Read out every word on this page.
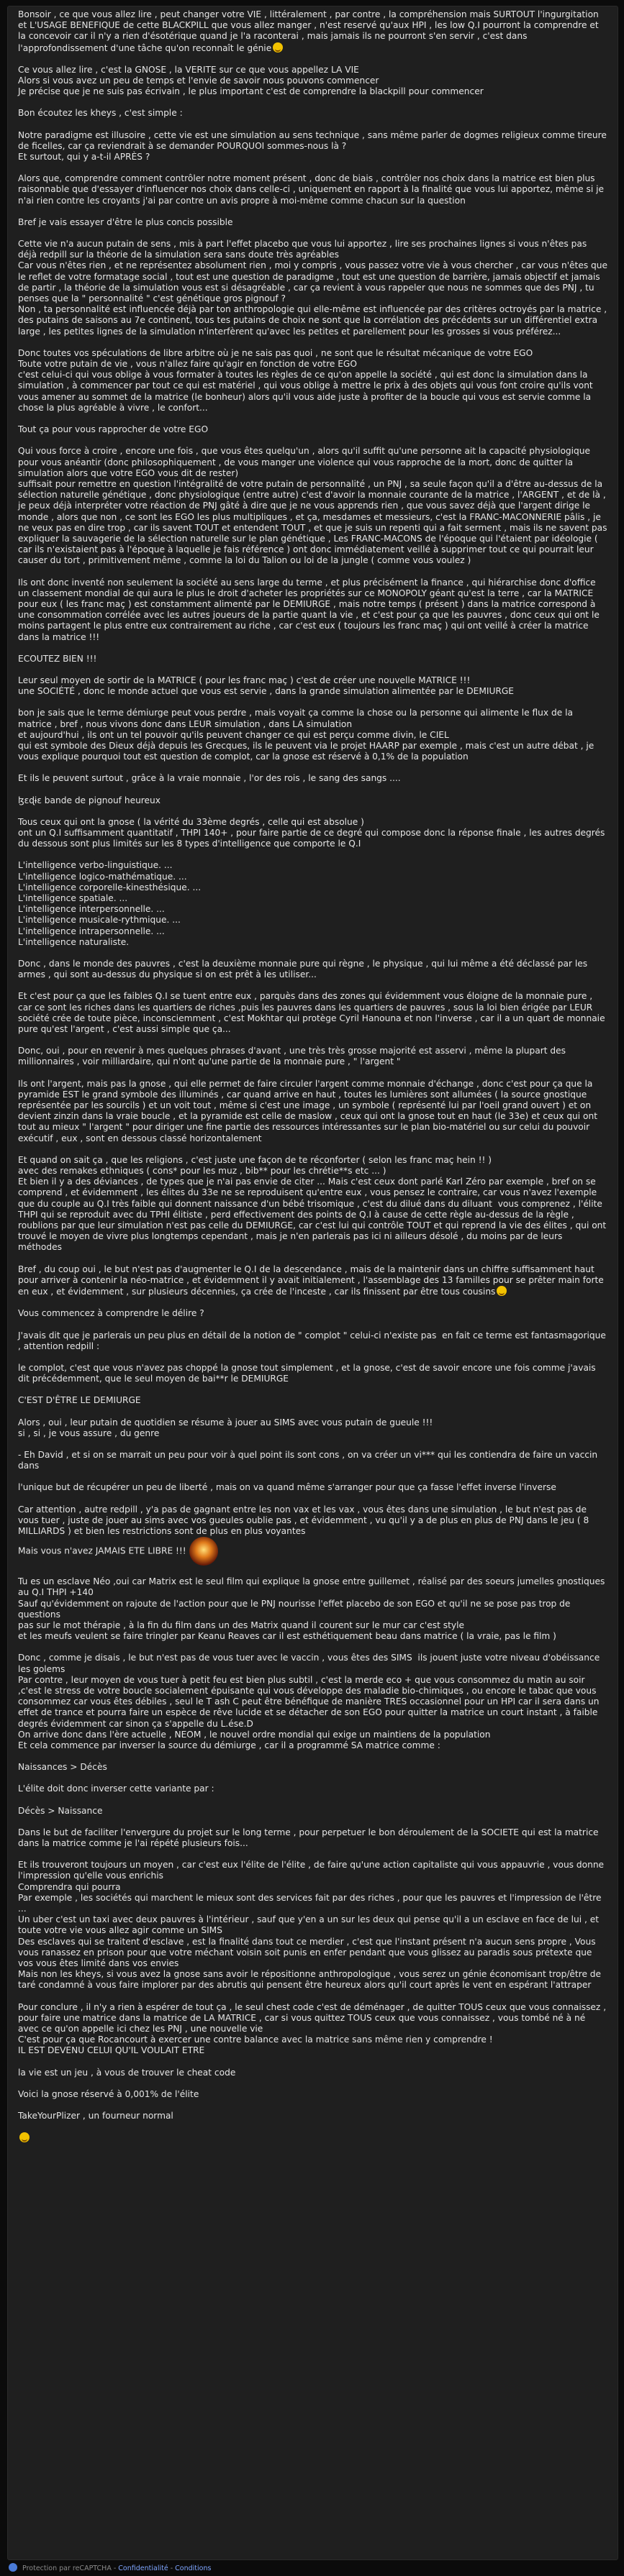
Bonsoir , ce que vous allez lire , peut changer votre VIE , littéralement , par contre , la compréhension mais SURTOUT l'ingurgitation et L'USAGE BENEFIQUE de cette BLACKPILL que vous allez manger , n'est reservé qu'aux HPI , les low Q.I pourront la comprendre et la concevoir car il n'y a rien d'ésotérique quand je l'a raconterai , mais jamais ils ne pourront s'en servir , c'est dans l'approfondissement d'une tâche qu'on reconnaît le génie

Ce vous allez lire , c'est la GNOSE , la VERITE sur ce que vous appellez LA VIE
Alors si vous avez un peu de temps et l'envie de savoir nous pouvons commencer
Je précise que je ne suis pas écrivain , le plus important c'est de comprendre la blackpill pour commencer

Bon écoutez les kheys , c'est simple :

Notre paradigme est illusoire , cette vie est une simulation au sens technique , sans même parler de dogmes religieux comme tireure de ficelles, car ça reviendrait à se demander POURQUOI sommes-nous là ?
Et surtout, qui y a-t-il APRÈS ?

Alors que, comprendre comment contrôler notre moment présent , donc de biais , contrôler nos choix dans la matrice est bien plus raisonnable que d'essayer d'influencer nos choix dans celle-ci , uniquement en rapport à la finalité que vous lui apportez, même si je n'ai rien contre les croyants j'ai par contre un avis propre à moi-même comme chacun sur la question

Bref je vais essayer d'être le plus concis possible

Cette vie n'a aucun putain de sens , mis à part l'effet placebo que vous lui apportez , lire ses prochaines lignes si vous n'êtes pas déjà redpill sur la théorie de la simulation sera sans doute très agréables
Car vous n'êtes rien , et ne représentez absolument rien , moi y compris , vous passez votre vie à vous chercher , car vous n'êtes que le reflet de votre formatage social , tout est une question de paradigme , tout est une question de barrière, jamais objectif et jamais de partir , la théorie de la simulation vous est si désagréable , car ça revient à vous rappeler que nous ne sommes que des PNJ , tu penses que la " personnalité " c'est génétique gros pignouf ?
Non , ta personnalité est influencée déjà par ton anthropologie qui elle-même est influencée par des critères octroyés par la matrice , des putains de saisons au 7e continent, tous tes putains de choix ne sont que la corrélation des précédents sur un différentiel extra large , les petites lignes de la simulation n'interfèrent qu'avec les petites et parellement pour les grosses si vous préférez...

Donc toutes vos spéculations de libre arbitre où je ne sais pas quoi , ne sont que le résultat mécanique de votre EGO
Toute votre putain de vie , vous n'allez faire qu'agir en fonction de votre EGO
c'est celui-ci qui vous oblige à vous formater à toutes les règles de ce qu'on appelle la société , qui est donc la simulation dans la simulation , à commencer par tout ce qui est matériel , qui vous oblige à mettre le prix à des objets qui vous font croire qu'ils vont vous amener au sommet de la matrice (le bonheur) alors qu'il vous aide juste à profiter de la boucle qui vous est servie comme la chose la plus agréable à vivre , le confort...

Tout ça pour vous rapprocher de votre EGO

Qui vous force à croire , encore une fois , que vous êtes quelqu'un , alors qu'il suffit qu'une personne ait la capacité physiologique pour vous anéantir (donc philosophiquement , de vous manger une violence qui vous rapproche de la mort, donc de quitter la simulation alors que votre EGO vous dit de rester)
suffisait pour remettre en question l'intégralité de votre putain de personnalité , un PNJ , sa seule façon qu'il a d'être au-dessus de la sélection naturelle génétique , donc physiologique (entre autre) c'est d'avoir la monnaie courante de la matrice , l'ARGENT , et de là , je peux déjà interpréter votre réaction de PNJ gâté à dire que je ne vous apprends rien , que vous savez déjà que l'argent dirige le monde , alors que non , ce sont les EGO les plus multipliques , et ça, mesdames et messieurs, c'est la FRANC-MACONNERIE pâlis , je ne veux pas en dire trop , car ils savent TOUT et entendent TOUT , et que je suis un repenti qui a fait serment , mais ils ne savent pas expliquer la sauvagerie de la sélection naturelle sur le plan génétique , Les FRANC-MACONS de l'époque qui l'étaient par idéologie ( car ils n'existaient pas à l'époque à laquelle je fais référence ) ont donc immédiatement veillé à supprimer tout ce qui pourrait leur causer du tort , primitivement même , comme la loi du Talion ou loi de la jungle ( comme vous voulez )

Ils ont donc inventé non seulement la société au sens large du terme , et plus précisément la finance , qui hiérarchise donc d'office un classement mondial de qui aura le plus le droit d'acheter les propriétés sur ce MONOPOLY géant qu'est la terre , car la MATRICE pour eux ( les franc maç ) est constamment alimenté par le DEMIURGE , mais notre temps ( présent ) dans la matrice correspond à une consommation corrélée avec les autres joueurs de la partie quant la vie , et c'est pour ça que les pauvres , donc ceux qui ont le moins partagent le plus entre eux contrairement au riche , car c'est eux ( toujours les franc maç ) qui ont veillé à créer la matrice dans la matrice !!!

ECOUTEZ BIEN !!!

Leur seul moyen de sortir de la MATRICE ( pour les franc maç ) c'est de créer une nouvelle MATRICE !!!
une SOCIÉTÉ , donc le monde actuel que vous est servie , dans la grande simulation alimentée par le DEMIURGE

bon je sais que le terme démiurge peut vous perdre , mais voyait ça comme la chose ou la personne qui alimente le flux de la matrice , bref , nous vivons donc dans LEUR simulation , dans LA simulation
et aujourd'hui , ils ont un tel pouvoir qu'ils peuvent changer ce qui est perçu comme divin, le CIEL
qui est symbole des Dieux déjà depuis les Grecques, ils le peuvent via le projet HAARP par exemple , mais c'est un autre débat , je vous explique pourquoi tout est question de complot, car la gnose est réservé à 0,1% de la population

Et ils le peuvent surtout , grâce à la vraie monnaie , l'or des rois , le sang des sangs ....

ɮɛɖɨɛ bande de pignouf heureux

Tous ceux qui ont la gnose ( la vérité du 33ème degrés , celle qui est absolue )
ont un Q.I suffisamment quantitatif , THPI 140+ , pour faire partie de ce degré qui compose donc la réponse finale , les autres degrés du dessous sont plus limités sur les 8 types d'intelligence que comporte le Q.I

L'intelligence verbo-linguistique. ...
L'intelligence logico-mathématique. ...
L'intelligence corporelle-kinesthésique. ...
L'intelligence spatiale. ...
L'intelligence interpersonnelle. ...
L'intelligence musicale-rythmique. ...
L'intelligence intrapersonnelle. ...
L'intelligence naturaliste.

Donc , dans le monde des pauvres , c'est la deuxième monnaie pure qui règne , le physique , qui lui même a été déclassé par les armes , qui sont au-dessus du physique si on est prêt à les utiliser...

Et c'est pour ça que les faibles Q.I se tuent entre eux , parquès dans des zones qui évidemment vous éloigne de la monnaie pure , car ce sont les riches dans les quartiers de riches ,puis les pauvres dans les quartiers de pauvres , sous la loi bien érigée par LEUR société crée de toute pièce, inconsciemment , c'est Mokhtar qui protège Cyril Hanouna et non l'inverse , car il a un quart de monnaie pure qu'est l'argent , c'est aussi simple que ça...

Donc, oui , pour en revenir à mes quelques phrases d'avant , une très très grosse majorité est asservi , même la plupart des millionnaires , voir milliardaire, qui n'ont qu'une partie de la monnaie pure , " l'argent "

Ils ont l'argent, mais pas la gnose , qui elle permet de faire circuler l'argent comme monnaie d'échange , donc c'est pour ça que la pyramide EST le grand symbole des illuminés , car quand arrive en haut , toutes les lumières sont allumées ( la source gnostique représentée par les sourcils ) et un voit tout , même si c'est une image , un symbole ( représenté lui par l'oeil grand ouvert ) et on devient zinzin dans la vraie boucle , et la pyramide est celle de maslow , ceux qui ont la gnose tout en haut (le 33e) et ceux qui ont tout au mieux " l'argent " pour diriger une fine partie des ressources intéressantes sur le plan bio-matériel ou sur celui du pouvoir exécutif , eux , sont en dessous classé horizontalement

Et quand on sait ça , que les religions , c'est juste une façon de te réconforter ( selon les franc maç hein !! )
avec des remakes ethniques ( cons* pour les muz , bib** pour les chrétie**s etc ... )
Et bien il y a des déviances , de types que je n'ai pas envie de citer ... Mais c'est ceux dont parlé Karl Zéro par exemple , bref on se comprend , et évidemment , les élites du 33e ne se reproduisent qu'entre eux , vous pensez le contraire, car vous n'avez l'exemple que du couple au Q.I très faible qui donnent naissance d'un bébé trisomique , c'est du dilué dans du diluant  vous comprenez , l'élite THPI qui se reproduit avec du TPHI élitiste , perd effectivement des points de Q.I à cause de cette règle au-dessus de la règle , roublions par que leur simulation n'est pas celle du DEMIURGE, car c'est lui qui contrôle TOUT et qui reprend la vie des élites , qui ont trouvé le moyen de vivre plus longtemps cependant , mais je n'en parlerais pas ici ni ailleurs désolé , du moins par de leurs méthodes

Bref , du coup oui , le but n'est pas d'augmenter le Q.I de la descendance , mais de la maintenir dans un chiffre suffisamment haut pour arriver à contenir la néo-matrice , et évidemment il y avait initialement , l'assemblage des 13 familles pour se prêter main forte en eux , et évidemment , sur plusieurs décennies, ça crée de l'inceste , car ils finissent par être tous cousins

Vous commencez à comprendre le délire ?

J'avais dit que je parlerais un peu plus en détail de la notion de " complot " celui-ci n'existe pas  en fait ce terme est fantasmagorique , attention redpill :

le complot, c'est que vous n'avez pas choppé la gnose tout simplement , et la gnose, c'est de savoir encore une fois comme j'avais dit précédemment, que le seul moyen de bai**r le DEMIURGE

C'EST D'ÊTRE LE DEMIURGE

Alors , oui , leur putain de quotidien se résume à jouer au SIMS avec vous putain de gueule !!!
si , si , je vous assure , du genre

- Eh David , et si on se marrait un peu pour voir à quel point ils sont cons , on va créer un vi*** qui les contiendra de faire un vaccin dans

l'unique but de récupérer un peu de liberté , mais on va quand même s'arranger pour que ça fasse l'effet inverse l'inverse

Car attention , autre redpill , y'a pas de gagnant entre les non vax et les vax , vous êtes dans une simulation , le but n'est pas de vous tuer , juste de jouer au sims avec vos gueules oublie pas , et évidemment , vu qu'il y a de plus en plus de PNJ dans le jeu ( 8 MILLIARDS ) et bien les restrictions sont de plus en plus voyantes
Mais vous n'avez JAMAIS ETE LIBRE !!!

Tu es un esclave Néo ,oui car Matrix est le seul film qui explique la gnose entre guillemet , réalisé par des soeurs jumelles gnostiques au Q.I THPI +140
Sauf qu'évidemment on rajoute de l'action pour que le PNJ nourisse l'effet placebo de son EGO et qu'il ne se pose pas trop de questions
pas sur le mot thérapie , à la fin du film dans un des Matrix quand il courent sur le mur car c'est style
et les meufs veulent se faire tringler par Keanu Reaves car il est esthétiquement beau dans matrice ( la vraie, pas le film )

Donc , comme je disais , le but n'est pas de vous tuer avec le vaccin , vous êtes des SIMS  ils jouent juste votre niveau d'obéissance les golems
Par contre , leur moyen de vous tuer à petit feu est bien plus subtil , c'est la merde eco + que vous consommez du matin au soir ,c'est le stress de votre boucle socialement épuisante qui vous développe des maladie bio-chimiques , ou encore le tabac que vous consommez car vous êtes débiles , seul le T ash C peut être bénéfique de manière TRES occasionnel pour un HPI car il sera dans un effet de trance et pourra faire un espèce de rêve lucide et se détacher de son EGO pour quitter la matrice un court instant , à faible degrés évidemment car sinon ça s'appelle du L.ése.D
On arrive donc dans l'ère actuelle , NEOM , le nouvel ordre mondial qui exige un maintiens de la population
Et cela commence par inverser la source du démiurge , car il a programmé SA matrice comme :

Naissances > Décès

L'élite doit donc inverser cette variante par :

Décès > Naissance

Dans le but de faciliter l'envergure du projet sur le long terme , pour perpetuer le bon déroulement de la SOCIETE qui est la matrice dans la matrice comme je l'ai répété plusieurs fois...

Et ils trouveront toujours un moyen , car c'est eux l'élite de l'élite , de faire qu'une action capitaliste qui vous appauvrie , vous donne l'impression qu'elle vous enrichis
Comprendra qui pourra
Par exemple , les sociétés qui marchent le mieux sont des services fait par des riches , pour que les pauvres et l'impression de l'être ...
Un uber c'est un taxi avec deux pauvres à l'intérieur , sauf que y'en a un sur les deux qui pense qu'il a un esclave en face de lui , et toute votre vie vous allez agir comme un SIMS
Des esclaves qui se traitent d'esclave , est la finalité dans tout ce merdier , c'est que l'instant présent n'a aucun sens propre , Vous vous ranassez en prison pour que votre méchant voisin soit punis en enfer pendant que vous glissez au paradis sous prétexte que vos vous êtes limité dans vos envies
Mais non les kheys, si vous avez la gnose sans avoir le répositionne anthropologique , vous serez un génie économisant trop/être de taré condamné à vous faire implorer par des abrutis qui pensent être heureux alors qu'il court après le vent en espérant l'attraper

Pour conclure , il n'y a rien à espérer de tout ça , le seul chest code c'est de déménager , de quitter TOUS ceux que vous connaissez , pour faire une matrice dans la matrice de LA MATRICE , car si vous quittez TOUS ceux que vous connaissez , vous tombé né à né avec ce qu'on appelle ici chez les PNJ , une nouvelle vie
C'est pour ça que Rocancourt à exercer une contre balance avec la matrice sans même rien y comprendre !
IL EST DEVENU CELUI QU'IL VOULAIT ETRE

la vie est un jeu , à vous de trouver le cheat code

Voici la gnose réservé à 0,001% de l'élite

TakeYourPlizer , un fourneur normal

Protection par reCAPTCHA - Confidentialité - Conditions
